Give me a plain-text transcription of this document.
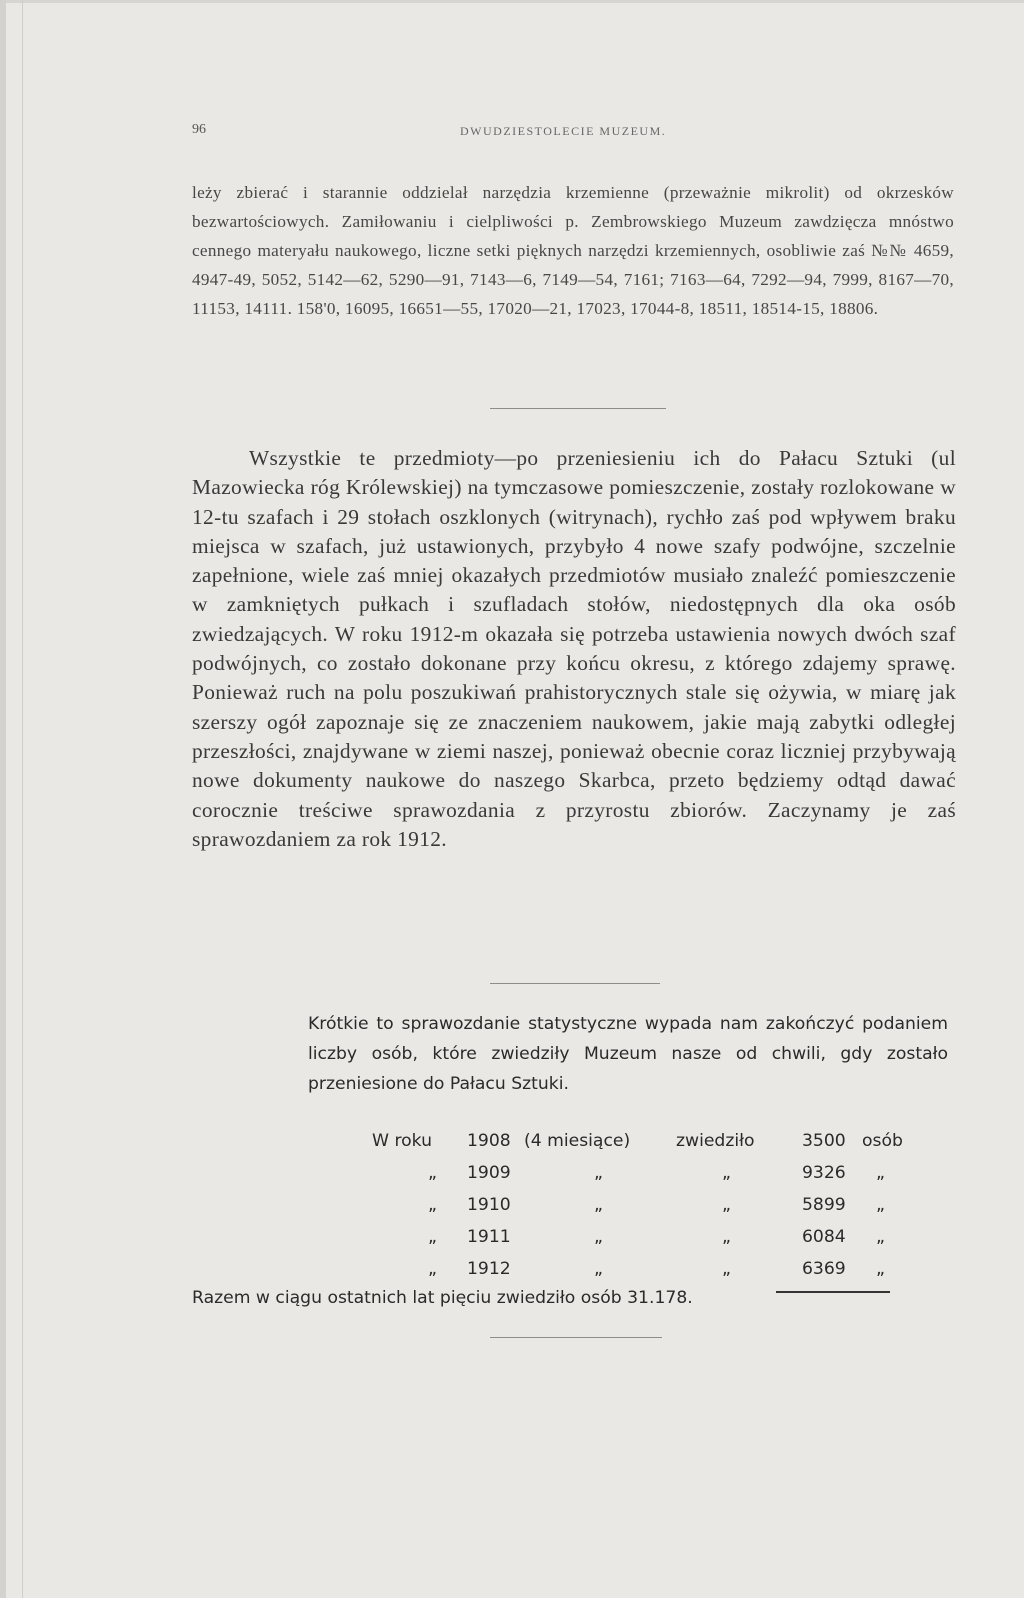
96	DWUDZIESTOLECIE MUZEUM.

leży zbierać i starannie oddzielał narzędzia krzemienne (przeważnie mikrolit) od okrzesków bezwartościowych. Zamiłowaniu i cielpliwości p. Zembrowskiego Muzeum zawdzięcza mnóstwo cennego materyału naukowego, liczne setki pięknych narzędzi krzemiennych, osobliwie zaś №№ 4659, 4947-49, 5052, 5142—62, 5290—91, 7143—6, 7149—54, 7161; 7163—64, 7292—94, 7999, 8167—70, 11153, 14111. 158'0, 16095, 16651—55, 17020—21, 17023, 17044-8, 18511, 18514-15, 18806.

Wszystkie te przedmioty—po przeniesieniu ich do Pałacu Sztuki (ul Mazowiecka róg Królewskiej) na tymczasowe pomieszczenie, zostały rozlokowane w 12-tu szafach i 29 stołach oszklonych (witrynach), rychło zaś pod wpływem braku miejsca w szafach, już ustawionych, przybyło 4 nowe szafy podwójne, szczelnie zapełnione, wiele zaś mniej okazałych przedmiotów musiało znaleźć pomieszczenie w zamkniętych pułkach i szufladach stołów, niedostępnych dla oka osób zwiedzających. W roku 1912-m okazała się potrzeba ustawienia nowych dwóch szaf podwójnych, co zostało dokonane przy końcu okresu, z którego zdajemy sprawę. Ponieważ ruch na polu poszukiwań prahistorycznych stale się ożywia, w miarę jak szerszy ogół zapoznaje się ze znaczeniem naukowem, jakie mają zabytki odległej przeszłości, znajdywane w ziemi naszej, ponieważ obecnie coraz liczniej przybywają nowe dokumenty naukowe do naszego Skarbca, przeto będziemy odtąd dawać corocznie treściwe sprawozdania z przyrostu zbiorów. Zaczynamy je zaś sprawozdaniem za rok 1912.

Krótkie to sprawozdanie statystyczne wypada nam zakończyć podaniem liczby osób, które zwiedziły Muzeum nasze od chwili, gdy zostało przeniesione do Pałacu Sztuki.

W roku 1908 (4 miesiące)	zwiedziło	3500 osób
„ 1909	„	„	9326 „
„ 1910	„	„	5899 „
„ 1911	„	„	6084 „
„ 1912	„	„	6369 „
Razem w ciągu ostatnich lat pięciu zwiedziło osób 31.178.
